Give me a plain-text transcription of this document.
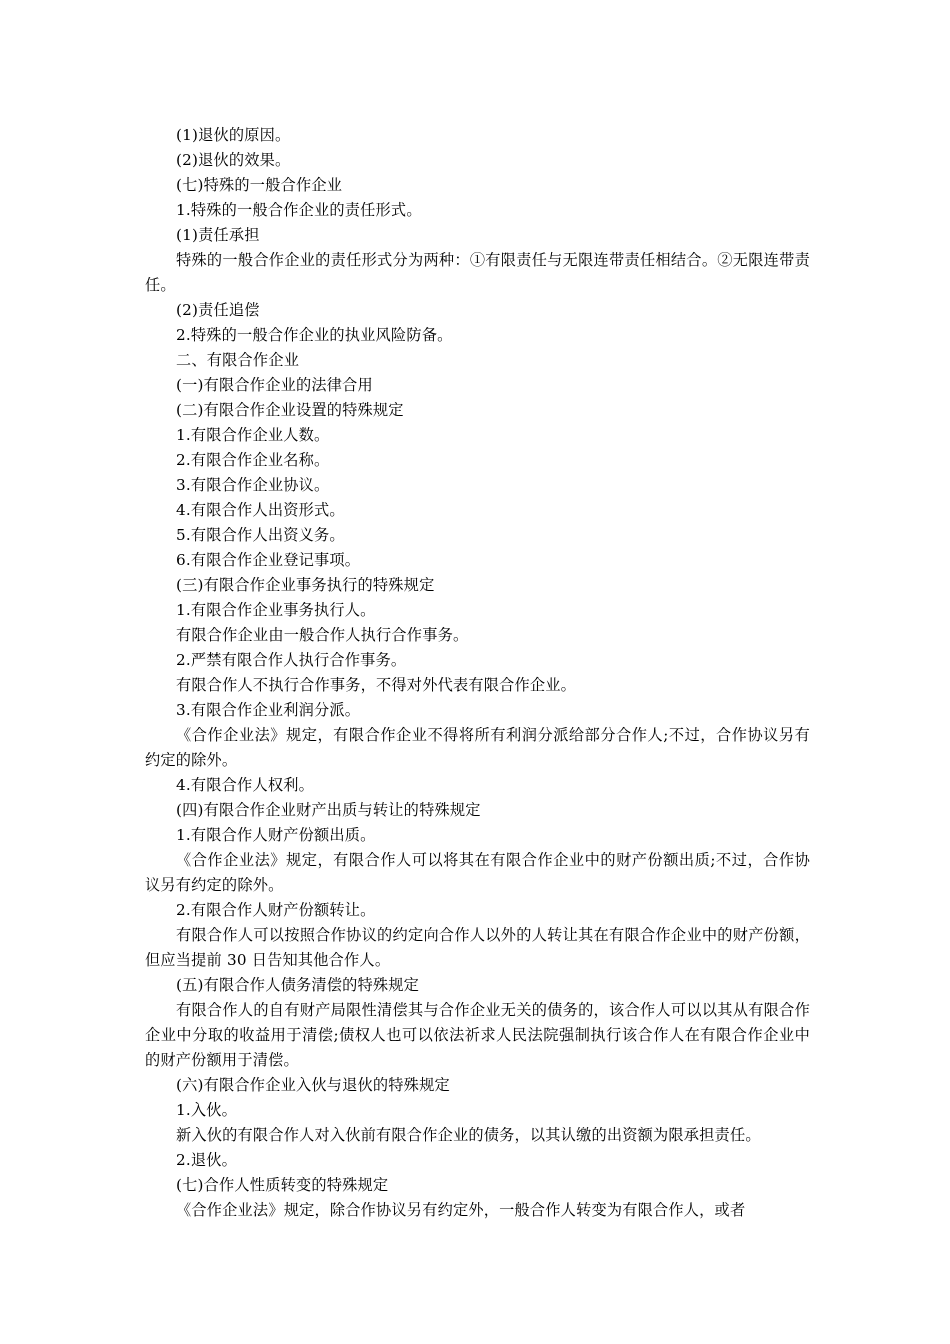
(1)退伙的原因。

(2)退伙的效果。

(七)特殊的一般合作企业

1.特殊的一般合作企业的责任形式。

(1)责任承担

特殊的一般合作企业的责任形式分为两种：①有限责任与无限连带责任相结合。②无限连带责任。

(2)责任追偿

2.特殊的一般合作企业的执业风险防备。

二、有限合作企业

(一)有限合作企业的法律合用

(二)有限合作企业设置的特殊规定

1.有限合作企业人数。

2.有限合作企业名称。

3.有限合作企业协议。

4.有限合作人出资形式。

5.有限合作人出资义务。

6.有限合作企业登记事项。

(三)有限合作企业事务执行的特殊规定

1.有限合作企业事务执行人。

有限合作企业由一般合作人执行合作事务。

2.严禁有限合作人执行合作事务。

有限合作人不执行合作事务，不得对外代表有限合作企业。

3.有限合作企业利润分派。

《合作企业法》规定，有限合作企业不得将所有利润分派给部分合作人;不过，合作协议另有约定的除外。

4.有限合作人权利。

(四)有限合作企业财产出质与转让的特殊规定

1.有限合作人财产份额出质。

《合作企业法》规定，有限合作人可以将其在有限合作企业中的财产份额出质;不过，合作协议另有约定的除外。

2.有限合作人财产份额转让。

有限合作人可以按照合作协议的约定向合作人以外的人转让其在有限合作企业中的财产份额，但应当提前 30 日告知其他合作人。

(五)有限合作人债务清偿的特殊规定

有限合作人的自有财产局限性清偿其与合作企业无关的债务的，该合作人可以以其从有限合作企业中分取的收益用于清偿;债权人也可以依法祈求人民法院强制执行该合作人在有限合作企业中的财产份额用于清偿。

(六)有限合作企业入伙与退伙的特殊规定

1.入伙。

新入伙的有限合作人对入伙前有限合作企业的债务，以其认缴的出资额为限承担责任。

2.退伙。

(七)合作人性质转变的特殊规定

《合作企业法》规定，除合作协议另有约定外，一般合作人转变为有限合作人，或者
